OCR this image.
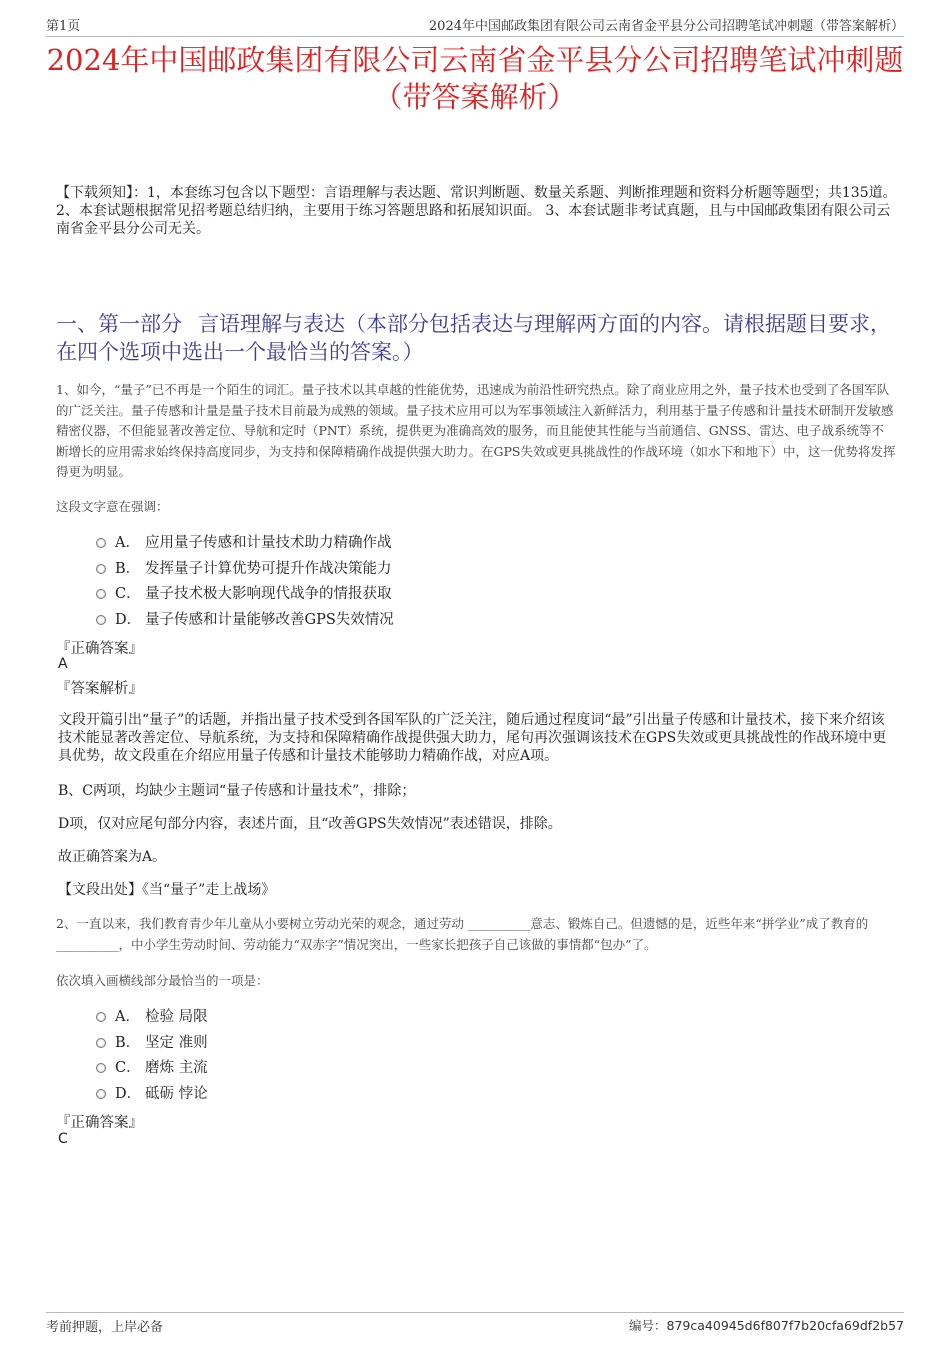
第1页	2024年中国邮政集团有限公司云南省金平县分公司招聘笔试冲刺题（带答案解析）
2024年中国邮政集团有限公司云南省金平县分公司招聘笔试冲刺题（带答案解析）
【下载须知】：1，本套练习包含以下题型：言语理解与表达题、常识判断题、数量关系题、判断推理题和资料分析题等题型；共135道。 2、本套试题根据常见招考题总结归纳，主要用于练习答题思路和拓展知识面。 3、本套试题非考试真题，且与中国邮政集团有限公司云南省金平县分公司无关。
一、第一部分 言语理解与表达（本部分包括表达与理解两方面的内容。请根据题目要求，在四个选项中选出一个最恰当的答案。）
1、如今，“量子”已不再是一个陌生的词汇。量子技术以其卓越的性能优势，迅速成为前沿性研究热点。除了商业应用之外，量子技术也受到了各国军队的广泛关注。量子传感和计量是量子技术目前最为成熟的领域。量子技术应用可以为军事领域注入新鲜活力，利用基于量子传感和计量技术研制开发敏感精密仪器，不但能显著改善定位、导航和定时（PNT）系统，提供更为准确高效的服务，而且能使其性能与当前通信、GNSS、雷达、电子战系统等不断增长的应用需求始终保持高度同步，为支持和保障精确作战提供强大助力。在GPS失效或更具挑战性的作战环境（如水下和地下）中，这一优势将发挥得更为明显。
这段文字意在强调：
A． 应用量子传感和计量技术助力精确作战
B． 发挥量子计算优势可提升作战决策能力
C． 量子技术极大影响现代战争的情报获取
D． 量子传感和计量能够改善GPS失效情况
『正确答案』
A
『答案解析』
文段开篇引出“量子”的话题，并指出量子技术受到各国军队的广泛关注，随后通过程度词“最”引出量子传感和计量技术，接下来介绍该技术能显著改善定位、导航系统，为支持和保障精确作战提供强大助力，尾句再次强调该技术在GPS失效或更具挑战性的作战环境中更具优势，故文段重在介绍应用量子传感和计量技术能够助力精确作战，对应A项。
B、C两项，均缺少主题词“量子传感和计量技术”，排除；
D项，仅对应尾句部分内容，表述片面，且“改善GPS失效情况”表述错误，排除。
故正确答案为A。
【文段出处】《当“量子”走上战场》
2、一直以来，我们教育青少年儿童从小要树立劳动光荣的观念，通过劳动 __________意志、锻炼自己。但遗憾的是，近些年来“拼学业”成了教育的 __________，中小学生劳动时间、劳动能力“双赤字”情况突出，一些家长把孩子自己该做的事情都“包办”了。
依次填入画横线部分最恰当的一项是：
A． 检验 局限
B． 坚定 准则
C． 磨炼 主流
D． 砥砺 悖论
『正确答案』
C
考前押题，上岸必备	编号：879ca40945d6f807f7b20cfa69df2b57
